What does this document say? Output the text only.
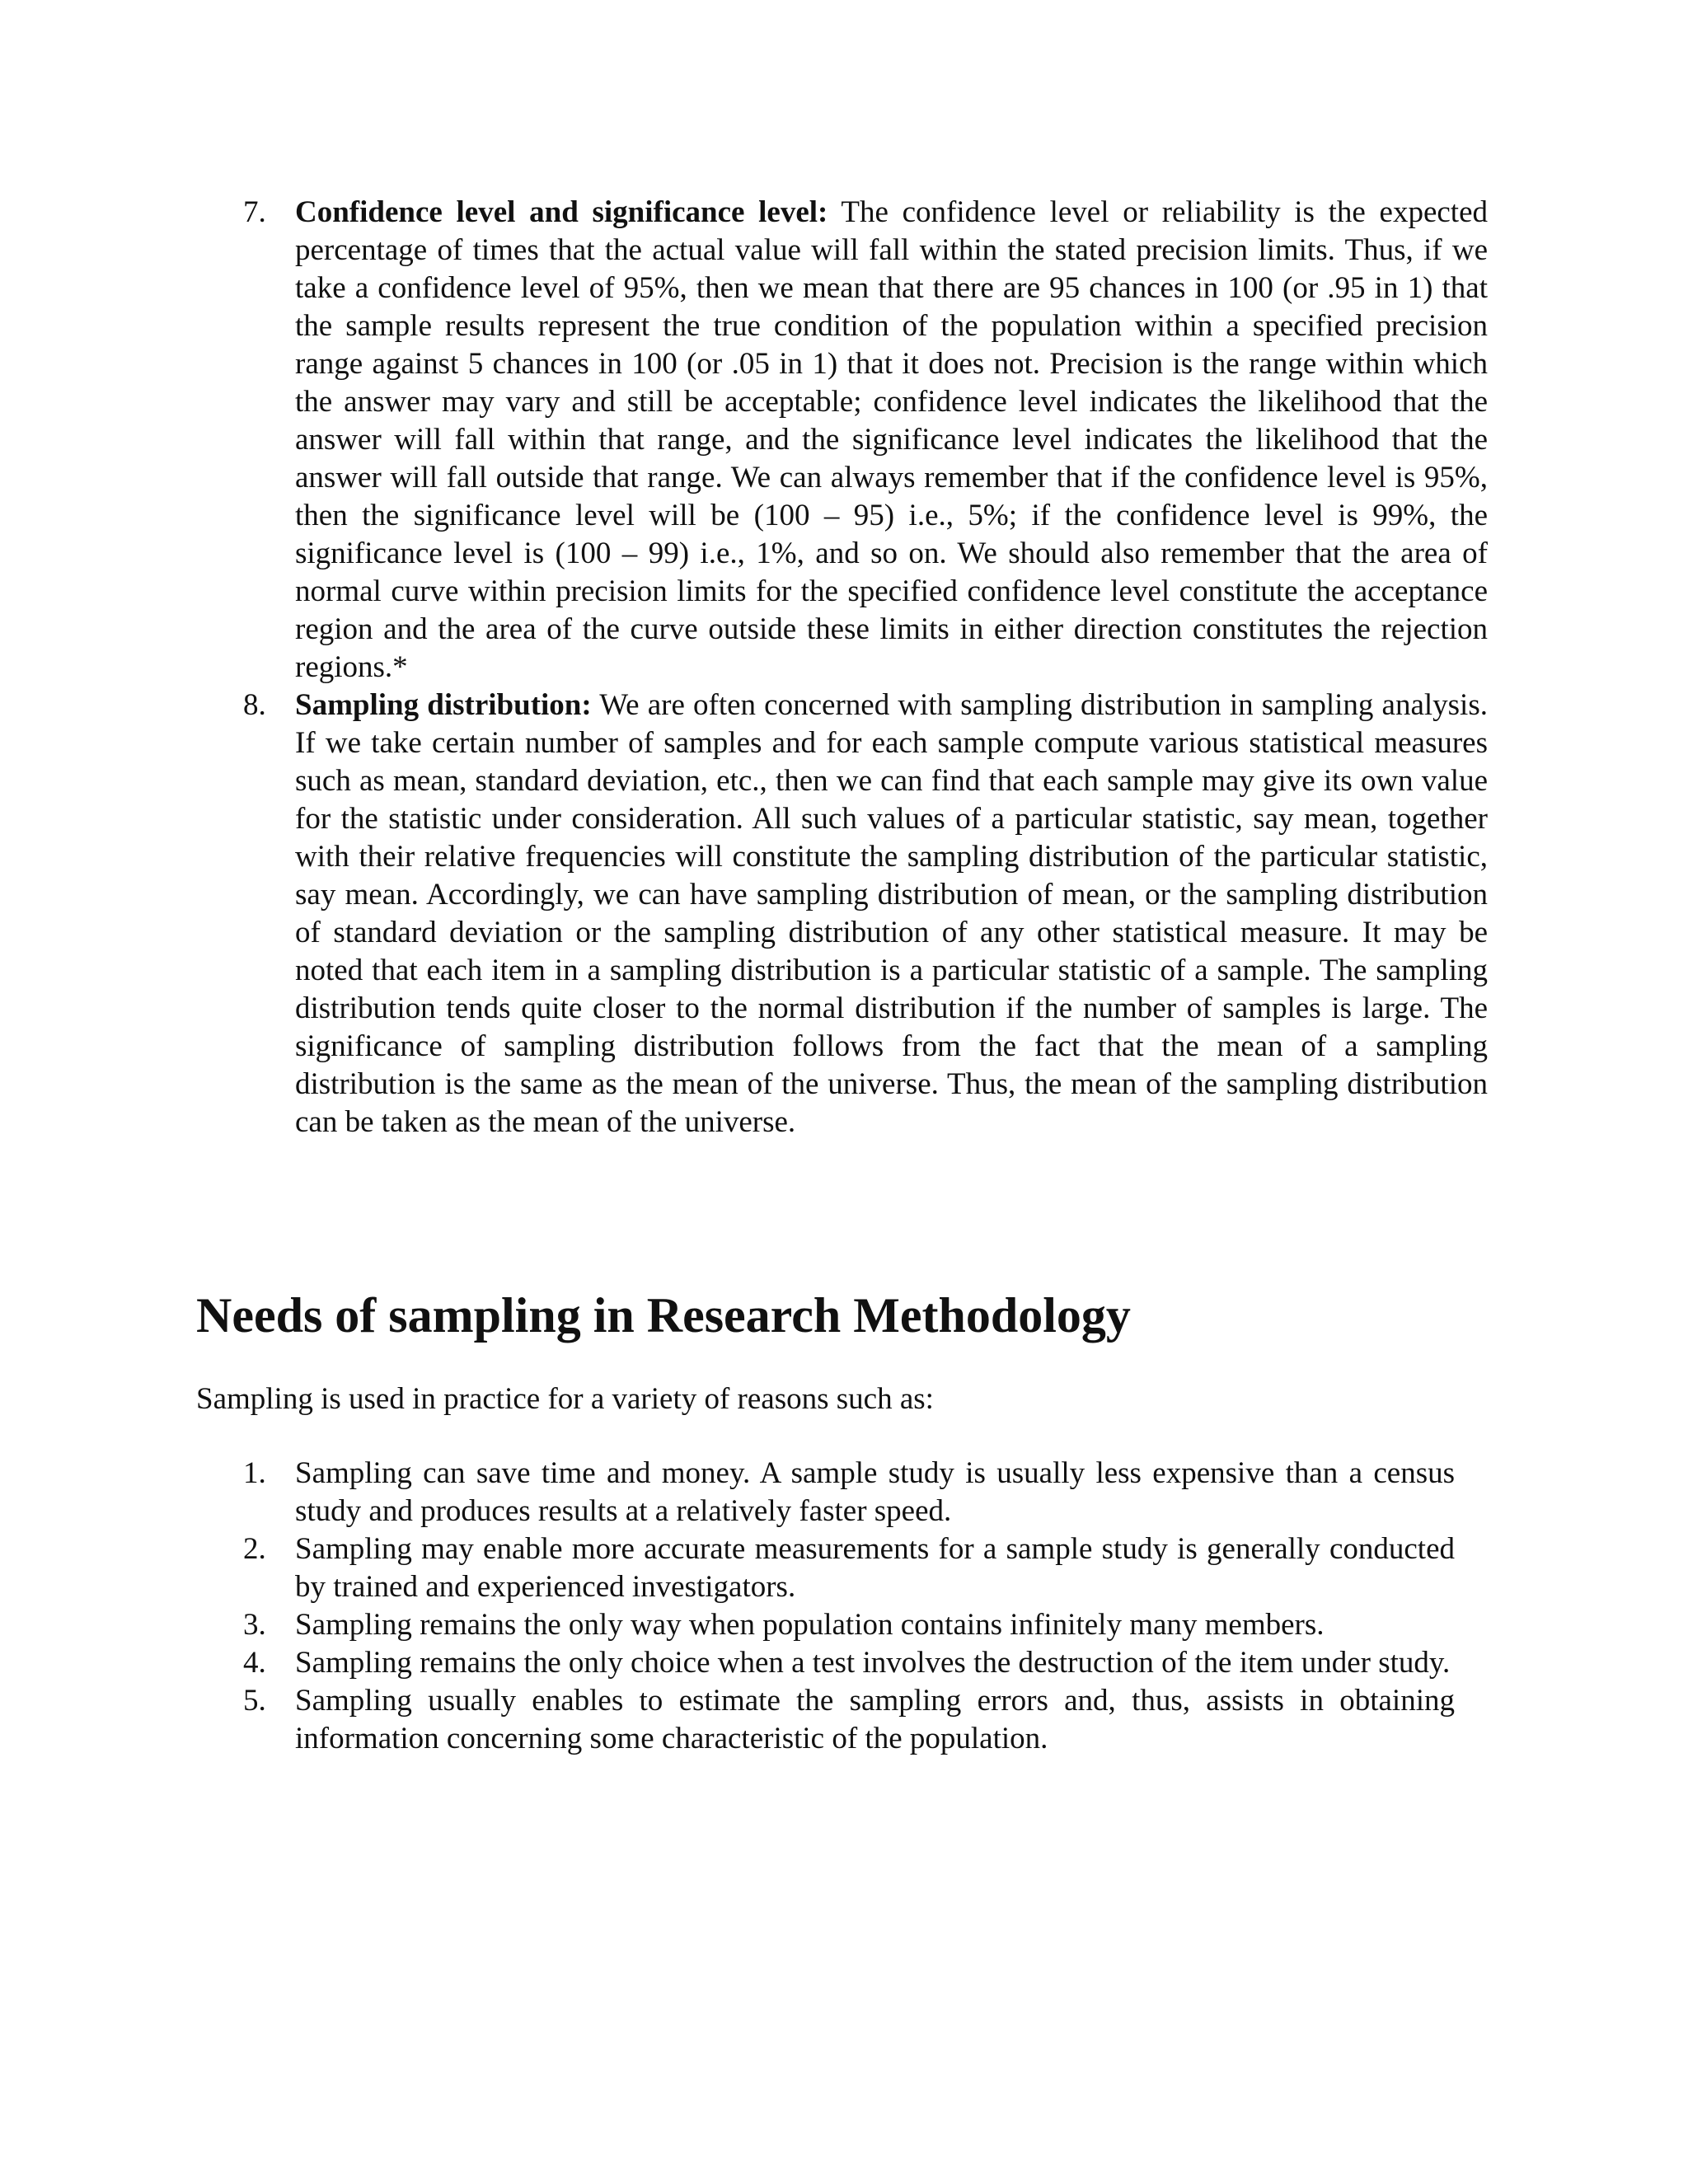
7. Confidence level and significance level: The confidence level or reliability is the expected percentage of times that the actual value will fall within the stated precision limits. Thus, if we take a confidence level of 95%, then we mean that there are 95 chances in 100 (or .95 in 1) that the sample results represent the true condition of the population within a specified precision range against 5 chances in 100 (or .05 in 1) that it does not. Precision is the range within which the answer may vary and still be acceptable; confidence level indicates the likelihood that the answer will fall within that range, and the significance level indicates the likelihood that the answer will fall outside that range. We can always remember that if the confidence level is 95%, then the significance level will be (100 – 95) i.e., 5%; if the confidence level is 99%, the significance level is (100 – 99) i.e., 1%, and so on. We should also remember that the area of normal curve within precision limits for the specified confidence level constitute the acceptance region and the area of the curve outside these limits in either direction constitutes the rejection regions.*
8. Sampling distribution: We are often concerned with sampling distribution in sampling analysis. If we take certain number of samples and for each sample compute various statistical measures such as mean, standard deviation, etc., then we can find that each sample may give its own value for the statistic under consideration. All such values of a particular statistic, say mean, together with their relative frequencies will constitute the sampling distribution of the particular statistic, say mean. Accordingly, we can have sampling distribution of mean, or the sampling distribution of standard deviation or the sampling distribution of any other statistical measure. It may be noted that each item in a sampling distribution is a particular statistic of a sample. The sampling distribution tends quite closer to the normal distribution if the number of samples is large. The significance of sampling distribution follows from the fact that the mean of a sampling distribution is the same as the mean of the universe. Thus, the mean of the sampling distribution can be taken as the mean of the universe.
Needs of sampling in Research Methodology

Sampling is used in practice for a variety of reasons such as:

1. Sampling can save time and money. A sample study is usually less expensive than a census study and produces results at a relatively faster speed.
2. Sampling may enable more accurate measurements for a sample study is generally conducted by trained and experienced investigators.
3. Sampling remains the only way when population contains infinitely many members.
4. Sampling remains the only choice when a test involves the destruction of the item under study.
5. Sampling usually enables to estimate the sampling errors and, thus, assists in obtaining information concerning some characteristic of the population.
